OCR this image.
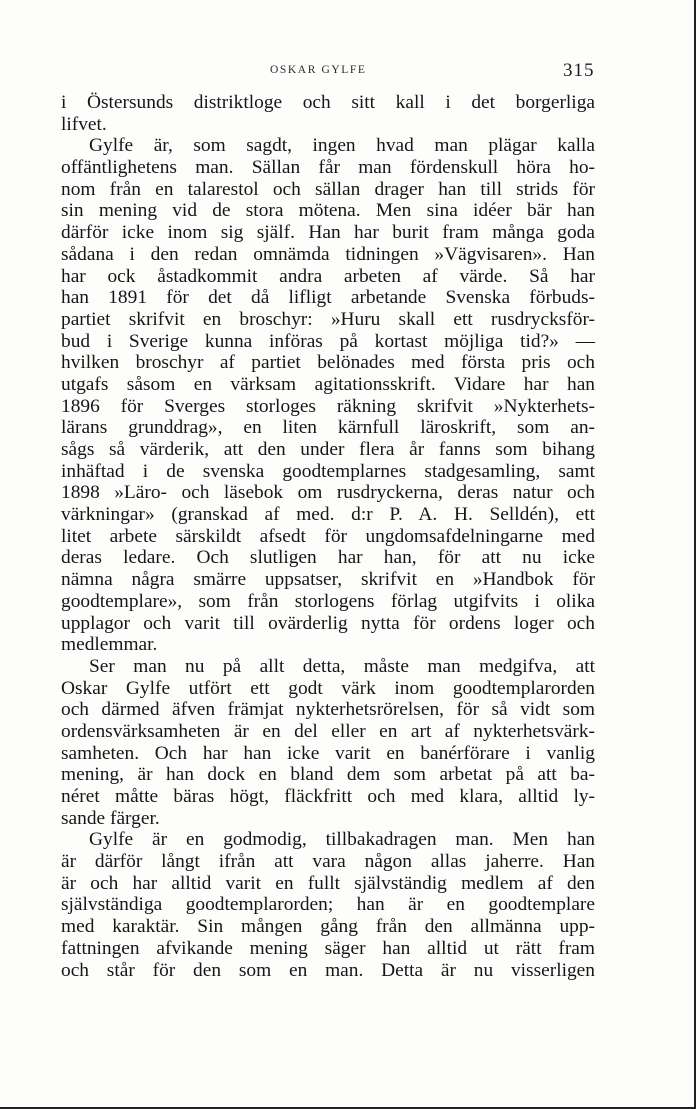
OSKAR GYLFE	315
i Östersunds distriktloge och sitt kall i det borgerliga
lifvet.
Gylfe är, som sagdt, ingen hvad man plägar kalla
offäntlighetens man. Sällan får man fördenskull höra ho-
nom från en talarestol och sällan drager han till strids för
sin mening vid de stora mötena. Men sina idéer bär han
därför icke inom sig själf. Han har burit fram många goda
sådana i den redan omnämda tidningen »Vägvisaren». Han
har ock åstadkommit andra arbeten af värde. Så har
han 1891 för det då lifligt arbetande Svenska förbuds-
partiet skrifvit en broschyr: »Huru skall ett rusdrycksför-
bud i Sverige kunna införas på kortast möjliga tid?» —
hvilken broschyr af partiet belönades med första pris och
utgafs såsom en värksam agitationsskrift. Vidare har han
1896 för Sverges storloges räkning skrifvit »Nykterhets-
lärans grunddrag», en liten kärnfull läroskrift, som an-
sågs så värderik, att den under flera år fanns som bihang
inhäftad i de svenska goodtemplarnes stadgesamling, samt
1898 »Läro- och läsebok om rusdryckerna, deras natur och
värkningar» (granskad af med. d:r P. A. H. Selldén), ett
litet arbete särskildt afsedt för ungdomsafdelningarne med
deras ledare. Och slutligen har han, för att nu icke
nämna några smärre uppsatser, skrifvit en »Handbok för
goodtemplare», som från storlogens förlag utgifvits i olika
upplagor och varit till ovärderlig nytta för ordens loger och
medlemmar.
Ser man nu på allt detta, måste man medgifva, att
Oskar Gylfe utfört ett godt värk inom goodtemplarorden
och därmed äfven främjat nykterhetsrörelsen, för så vidt som
ordensvärksamheten är en del eller en art af nykterhetsvärk-
samheten. Och har han icke varit en banérförare i vanlig
mening, är han dock en bland dem som arbetat på att ba-
néret måtte bäras högt, fläckfritt och med klara, alltid ly-
sande färger.
Gylfe är en godmodig, tillbakadragen man. Men han
är därför långt ifrån att vara någon allas jaherre. Han
är och har alltid varit en fullt självständig medlem af den
självständiga goodtemplarorden; han är en goodtemplare
med karaktär. Sin mången gång från den allmänna upp-
fattningen afvikande mening säger han alltid ut rätt fram
och står för den som en man. Detta är nu visserligen
